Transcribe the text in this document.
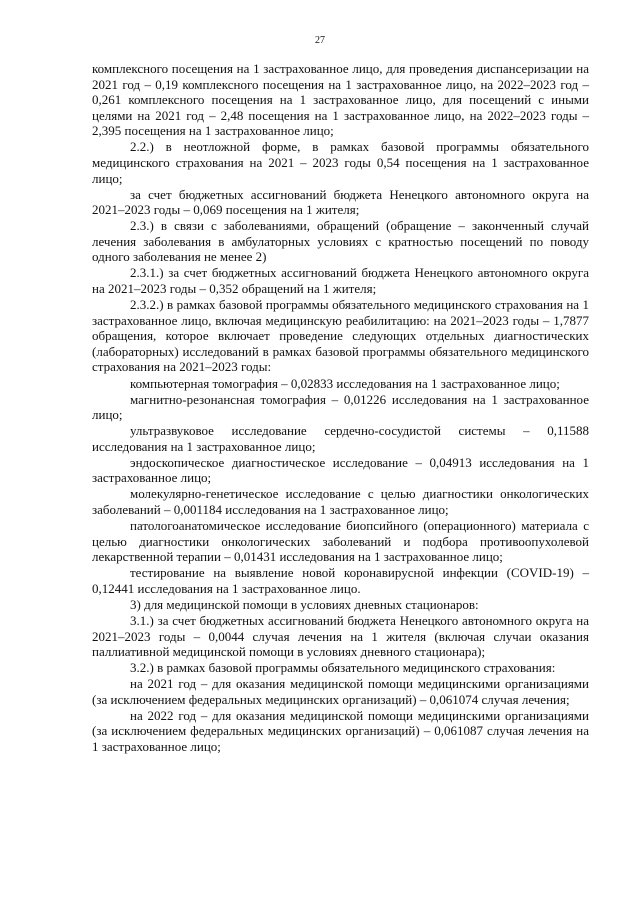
27

комплексного посещения на 1 застрахованное лицо, для проведения диспансеризации на 2021 год – 0,19 комплексного посещения на 1 застрахованное лицо, на 2022–2023 год – 0,261 комплексного посещения на 1 застрахованное лицо, для посещений с иными целями на 2021 год – 2,48 посещения на 1 застрахованное лицо, на 2022–2023 годы – 2,395 посещения на 1 застрахованное лицо;

2.2.) в неотложной форме, в рамках базовой программы обязательного медицинского страхования на 2021 – 2023 годы 0,54 посещения на 1 застрахованное лицо;

за счет бюджетных ассигнований бюджета Ненецкого автономного округа на 2021–2023 годы – 0,069 посещения на 1 жителя;

2.3.) в связи с заболеваниями, обращений (обращение – законченный случай лечения заболевания в амбулаторных условиях с кратностью посещений по поводу одного заболевания не менее 2)

2.3.1.) за счет бюджетных ассигнований бюджета Ненецкого автономного округа на 2021–2023 годы – 0,352 обращений на 1 жителя;

2.3.2.) в рамках базовой программы обязательного медицинского страхования на 1 застрахованное лицо, включая медицинскую реабилитацию: на 2021–2023 годы – 1,7877 обращения, которое включает проведение следующих отдельных диагностических (лабораторных) исследований в рамках базовой программы обязательного медицинского страхования на 2021–2023 годы:

компьютерная томография – 0,02833 исследования на 1 застрахованное лицо;

магнитно-резонансная томография – 0,01226 исследования на 1 застрахованное лицо;

ультразвуковое исследование сердечно-сосудистой системы – 0,11588 исследования на 1 застрахованное лицо;

эндоскопическое диагностическое исследование – 0,04913 исследования на 1 застрахованное лицо;

молекулярно-генетическое исследование с целью диагностики онкологических заболеваний – 0,001184 исследования на 1 застрахованное лицо;

патологоанатомическое исследование биопсийного (операционного) материала с целью диагностики онкологических заболеваний и подбора противоопухолевой лекарственной терапии – 0,01431 исследования на 1 застрахованное лицо;

тестирование на выявление новой коронавирусной инфекции (COVID-19) – 0,12441 исследования на 1 застрахованное лицо.

3) для медицинской помощи в условиях дневных стационаров:

3.1.) за счет бюджетных ассигнований бюджета Ненецкого автономного округа на 2021–2023 годы – 0,0044 случая лечения на 1 жителя (включая случаи оказания паллиативной медицинской помощи в условиях дневного стационара);

3.2.) в рамках базовой программы обязательного медицинского страхования:

на 2021 год – для оказания медицинской помощи медицинскими организациями (за исключением федеральных медицинских организаций) – 0,061074 случая лечения;

на 2022 год – для оказания медицинской помощи медицинскими организациями (за исключением федеральных медицинских организаций) – 0,061087 случая лечения на 1 застрахованное лицо;
